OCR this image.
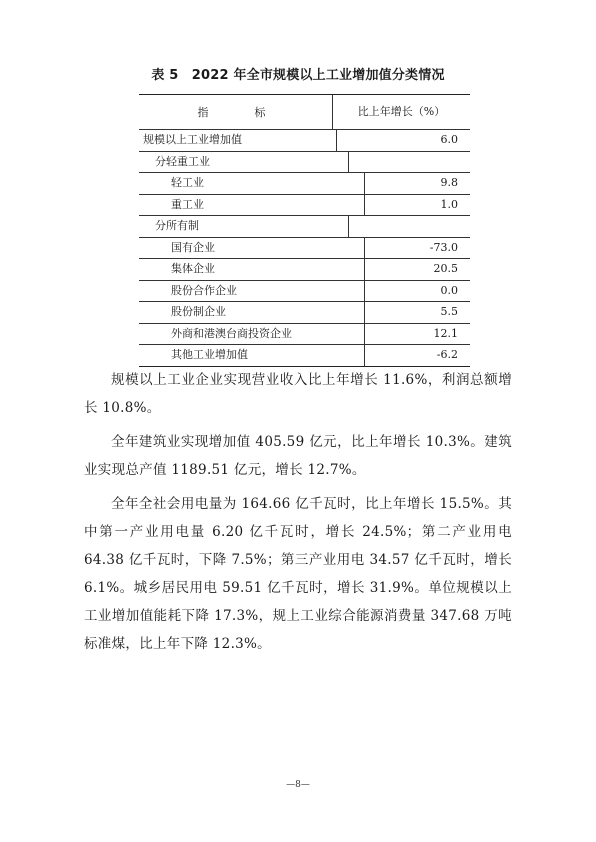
表 5　2022 年全市规模以上工业增加值分类情况
指　　标	比上年增长（%）
规模以上工业增加值	6.0
分轻重工业
轻工业	9.8
重工业	1.0
分所有制
国有企业	-73.0
集体企业	20.5
股份合作企业	0.0
股份制企业	5.5
外商和港澳台商投资企业	12.1
其他工业增加值	-6.2

规模以上工业企业实现营业收入比上年增长 11.6%，利润总额增长 10.8%。

全年建筑业实现增加值 405.59 亿元，比上年增长 10.3%。建筑业实现总产值 1189.51 亿元，增长 12.7%。

全年全社会用电量为 164.66 亿千瓦时，比上年增长 15.5%。其中第一产业用电量 6.20 亿千瓦时，增长 24.5%；第二产业用电 64.38 亿千瓦时，下降 7.5%；第三产业用电 34.57 亿千瓦时，增长 6.1%。城乡居民用电 59.51 亿千瓦时，增长 31.9%。单位规模以上工业增加值能耗下降 17.3%，规上工业综合能源消费量 347.68 万吨标准煤，比上年下降 12.3%。

—8—
